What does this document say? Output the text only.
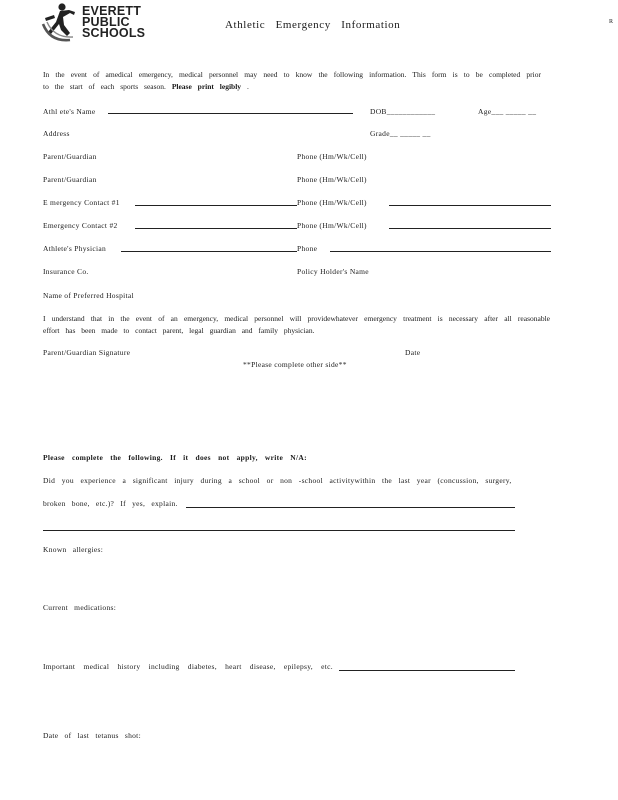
EVERETT
PUBLIC
SCHOOLS
Athletic Emergency Information	R
In the event of amedical emergency, medical personnel may need to know the following information. This form is to be completed prior to the start of each sports season. Please print legibly .
Athl ete's Name	DOB____________	Age___ _____ __
Address	Grade__ _____ __
Parent/Guardian	Phone (Hm/Wk/Cell)
Parent/Guardian	Phone (Hm/Wk/Cell)
E mergency Contact #1	Phone (Hm/Wk/Cell)
Emergency Contact #2	Phone (Hm/Wk/Cell)
Athlete's Physician	Phone
Insurance Co.	Policy Holder's Name
Name of Preferred Hospital
I understand that in the event of an emergency, medical personnel will providewhatever emergency treatment is necessary after all reasonable effort has been made to contact parent, legal guardian and family physician.
Parent/Guardian Signature	Date
**Please complete other side**
Please complete the following. If it does not apply, write N/A:
Did you experience a significant injury during a school or non -school activitywithin the last year (concussion, surgery,
broken bone, etc.)? If yes, explain.
Known allergies:
Current medications:
Important medical history including diabetes, heart disease, epilepsy, etc.
Date of last tetanus shot:
